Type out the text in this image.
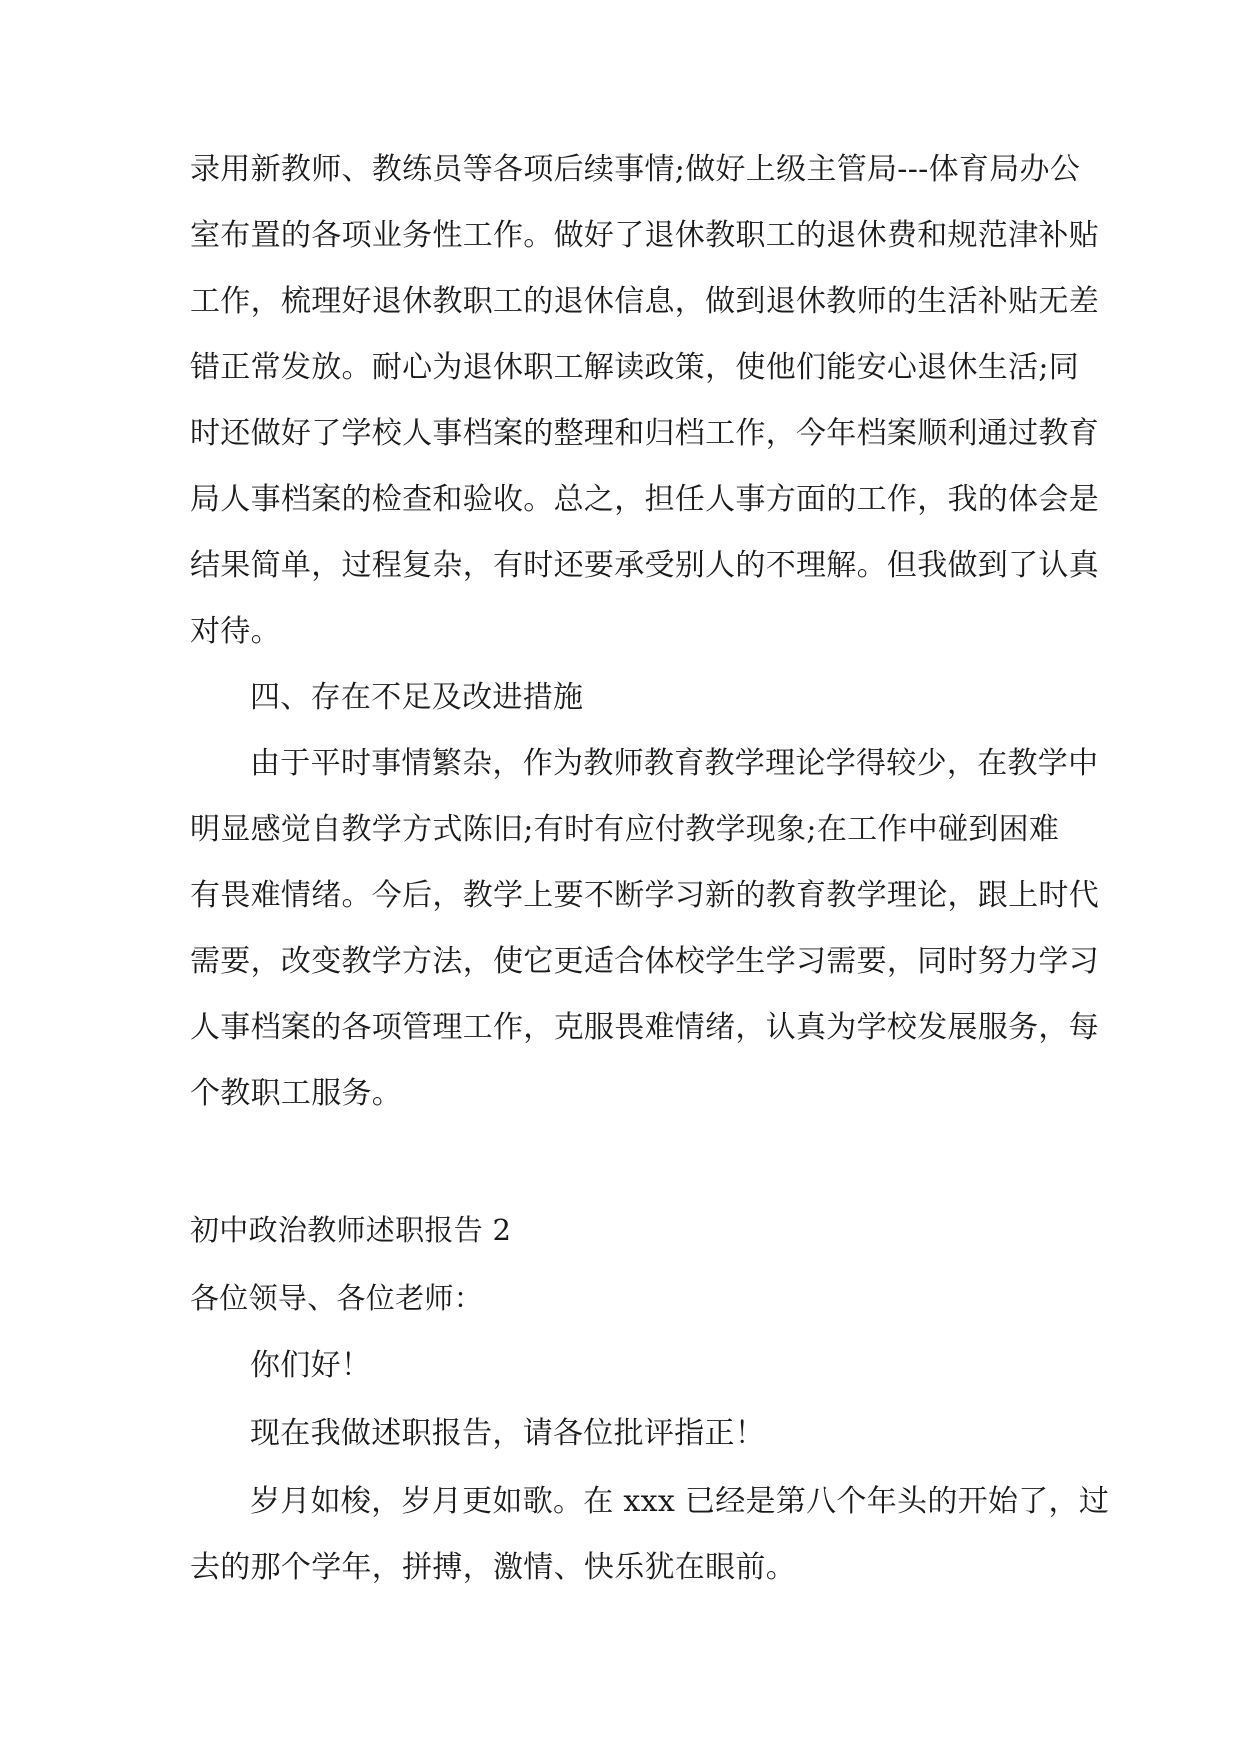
录用新教师、教练员等各项后续事情;做好上级主管局---体育局办公
室布置的各项业务性工作。做好了退休教职工的退休费和规范津补贴
工作，梳理好退休教职工的退休信息，做到退休教师的生活补贴无差
错正常发放。耐心为退休职工解读政策，使他们能安心退休生活;同
时还做好了学校人事档案的整理和归档工作，今年档案顺利通过教育
局人事档案的检查和验收。总之，担任人事方面的工作，我的体会是
结果简单，过程复杂，有时还要承受别人的不理解。但我做到了认真
对待。
四、存在不足及改进措施
由于平时事情繁杂，作为教师教育教学理论学得较少，在教学中
明显感觉自教学方式陈旧;有时有应付教学现象;在工作中碰到困难
有畏难情绪。今后，教学上要不断学习新的教育教学理论，跟上时代
需要，改变教学方法，使它更适合体校学生学习需要，同时努力学习
人事档案的各项管理工作，克服畏难情绪，认真为学校发展服务，每
个教职工服务。
初中政治教师述职报告 2
各位领导、各位老师：
你们好！
现在我做述职报告，请各位批评指正！
岁月如梭，岁月更如歌。在 xxx 已经是第八个年头的开始了，过
去的那个学年，拼搏，激情、快乐犹在眼前。
